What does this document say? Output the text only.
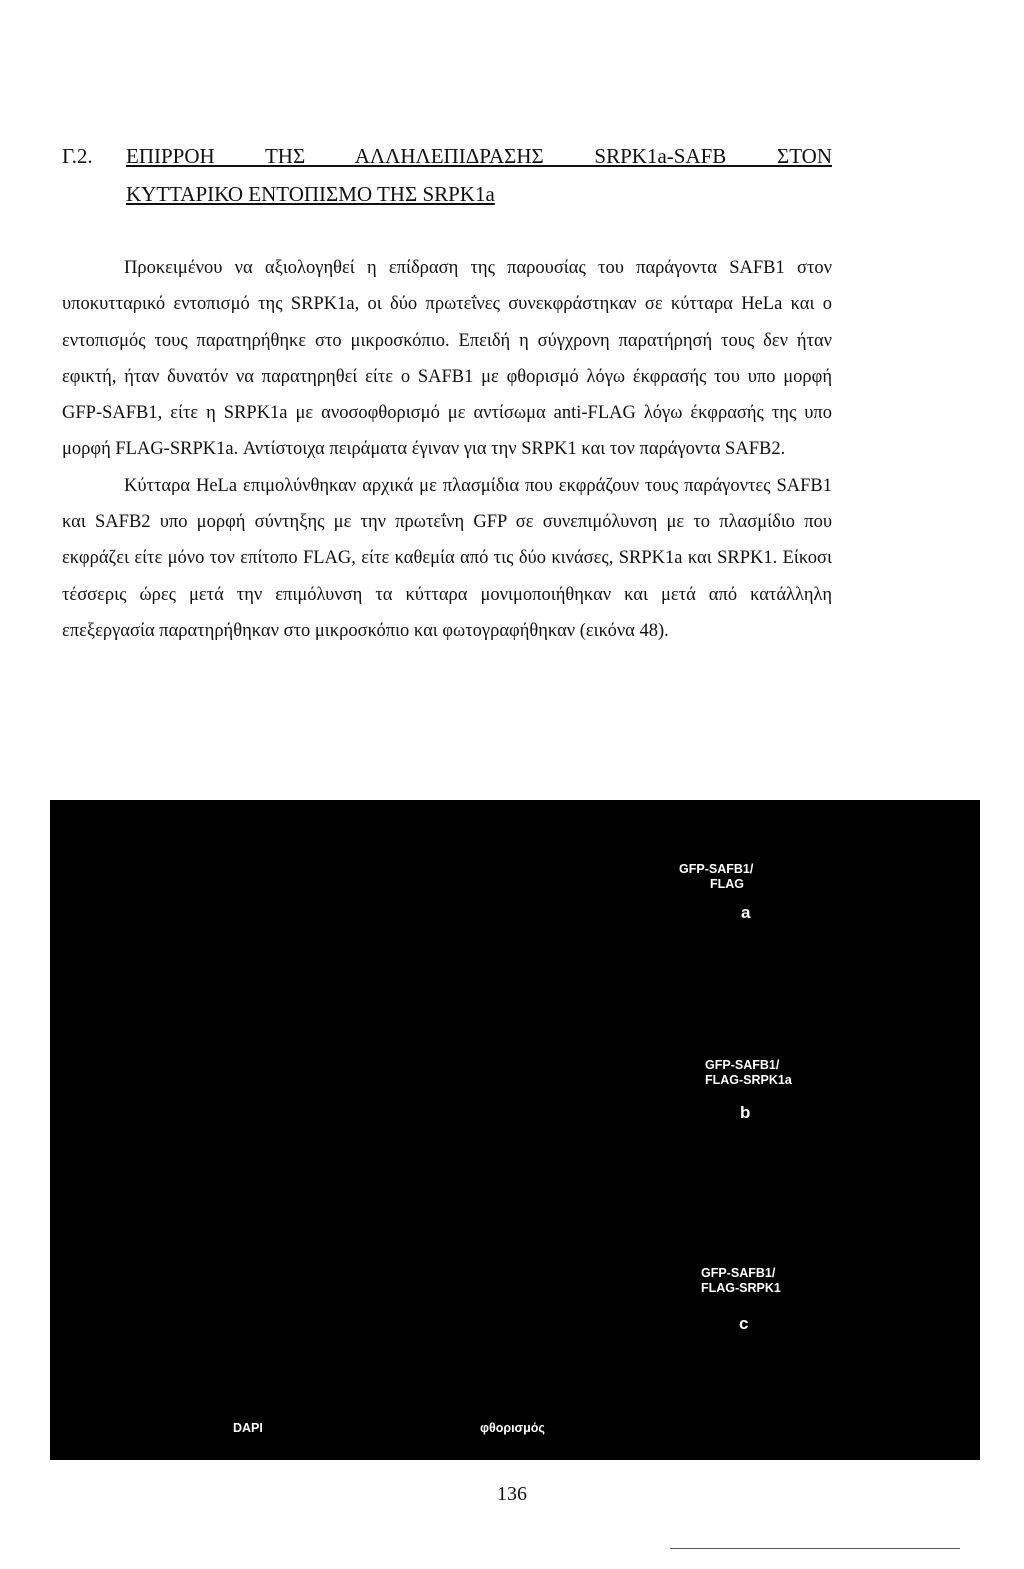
Γ.2.	ΕΠΙΡΡΟΗ ΤΗΣ ΑΛΛΗΛΕΠΙΔΡΑΣΗΣ SRPK1a-SAFB ΣΤΟΝ
ΚΥΤΤΑΡΙΚΟ ΕΝΤΟΠΙΣΜΟ ΤΗΣ SRPK1a

Προκειμένου να αξιολογηθεί η επίδραση της παρουσίας του παράγοντα SAFB1 στον υποκυτταρικό εντοπισμό της SRPK1a, οι δύο πρωτεΐνες συνεκφράστηκαν σε κύτταρα HeLa και ο εντοπισμός τους παρατηρήθηκε στο μικροσκόπιο. Επειδή η σύγχρονη παρατήρησή τους δεν ήταν εφικτή, ήταν δυνατόν να παρατηρηθεί είτε ο SAFB1 με φθορισμό λόγω έκφρασής του υπο μορφή GFP-SAFB1, είτε η SRPK1a με ανοσοφθορισμό με αντίσωμα anti-FLAG λόγω έκφρασής της υπο μορφή FLAG-SRPK1a. Αντίστοιχα πειράματα έγιναν για την SRPK1 και τον παράγοντα SAFB2.

Κύτταρα HeLa επιμολύνθηκαν αρχικά με πλασμίδια που εκφράζουν τους παράγοντες SAFB1 και SAFB2 υπο μορφή σύντηξης με την πρωτεΐνη GFP σε συνεπιμόλυνση με το πλασμίδιο που εκφράζει είτε μόνο τον επίτοπο FLAG, είτε καθεμία από τις δύο κινάσες, SRPK1a και SRPK1. Είκοσι τέσσερις ώρες μετά την επιμόλυνση τα κύτταρα μονιμοποιήθηκαν και μετά από κατάλληλη επεξεργασία παρατηρήθηκαν στο μικροσκόπιο και φωτογραφήθηκαν (εικόνα 48).

GFP-SAFB1/
FLAG
a
GFP-SAFB1/
FLAG-SRPK1a
b
GFP-SAFB1/
FLAG-SRPK1
c
DAPI	φθορισμός
136
